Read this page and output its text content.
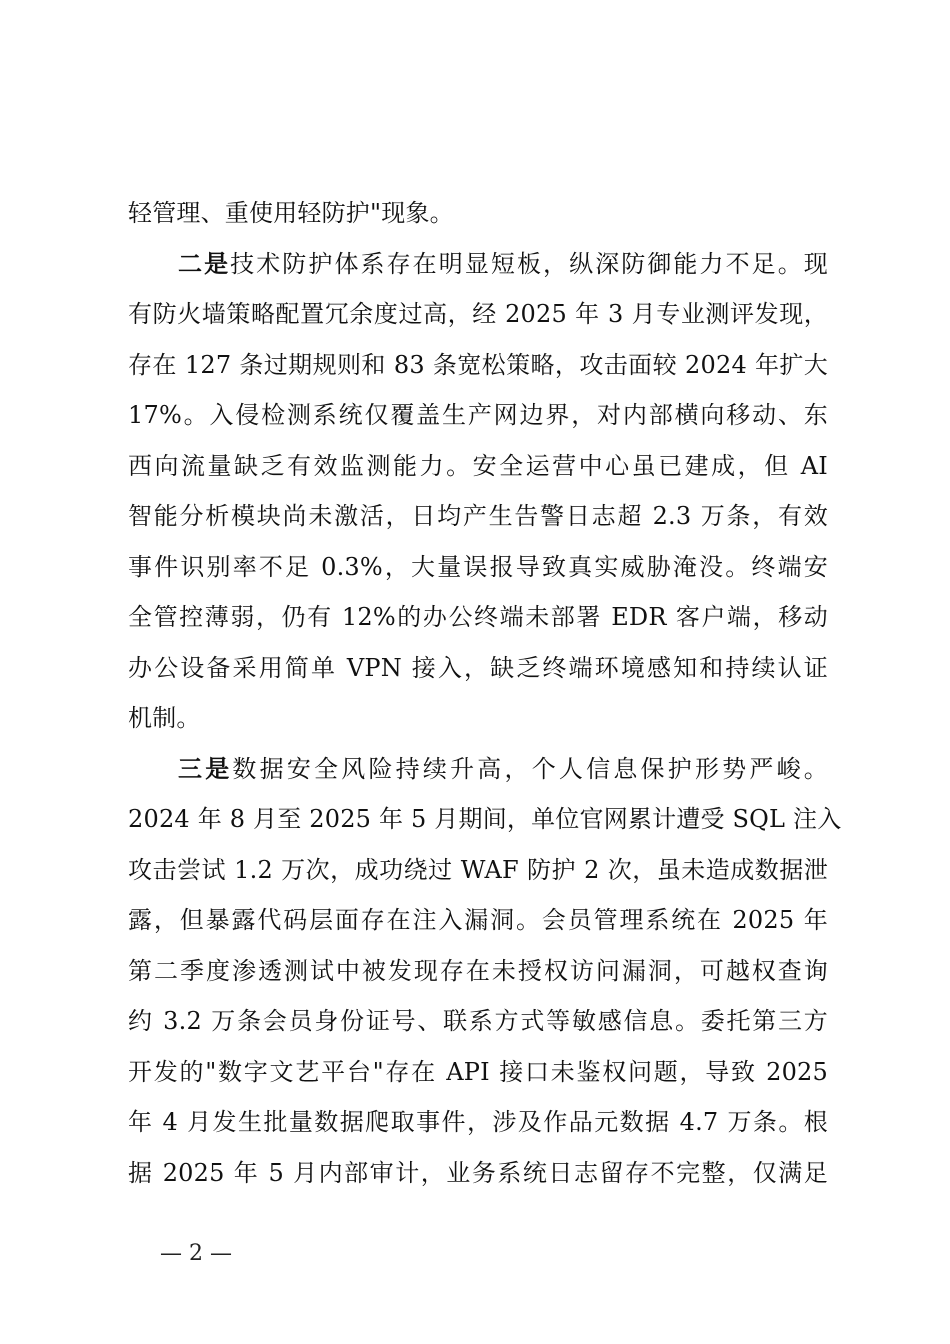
轻管理、重使用轻防护"现象。
二是技术防护体系存在明显短板，纵深防御能力不足。现
有防火墙策略配置冗余度过高，经 2025 年 3 月专业测评发现，
存在 127 条过期规则和 83 条宽松策略，攻击面较 2024 年扩大
17%。入侵检测系统仅覆盖生产网边界，对内部横向移动、东
西向流量缺乏有效监测能力。安全运营中心虽已建成，但 AI
智能分析模块尚未激活，日均产生告警日志超 2.3 万条，有效
事件识别率不足 0.3%，大量误报导致真实威胁淹没。终端安
全管控薄弱，仍有 12%的办公终端未部署 EDR 客户端，移动
办公设备采用简单 VPN 接入，缺乏终端环境感知和持续认证
机制。
三是数据安全风险持续升高，个人信息保护形势严峻。
2024 年 8 月至 2025 年 5 月期间，单位官网累计遭受 SQL 注入
攻击尝试 1.2 万次，成功绕过 WAF 防护 2 次，虽未造成数据泄
露，但暴露代码层面存在注入漏洞。会员管理系统在 2025 年
第二季度渗透测试中被发现存在未授权访问漏洞，可越权查询
约 3.2 万条会员身份证号、联系方式等敏感信息。委托第三方
开发的"数字文艺平台"存在 API 接口未鉴权问题，导致 2025
年 4 月发生批量数据爬取事件，涉及作品元数据 4.7 万条。根
据 2025 年 5 月内部审计，业务系统日志留存不完整，仅满足
— 2 —
